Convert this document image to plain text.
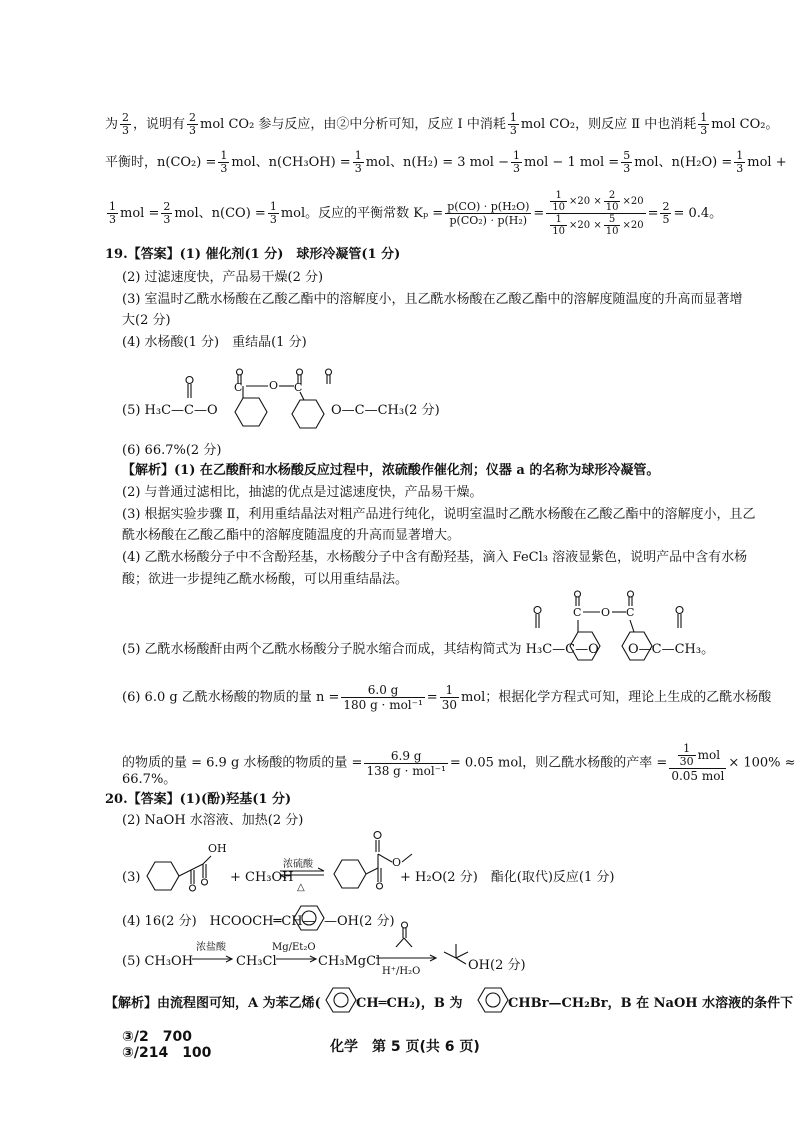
为 $\frac{2}{3}$ ，说明有 $\frac{2}{3}$ mol CO₂ 参与反应，由②中分析可知，反应 Ⅰ 中消耗 $\frac{1}{3}$ mol CO₂，则反应 Ⅱ 中也消耗 $\frac{1}{3}$ mol CO₂。
平衡时，$n(CO_2) = \frac{1}{3}$ mol、$n(CH_3OH) = \frac{1}{3}$ mol、n(H₂) = 3 mol − $\frac{1}{3}$ mol − 1 mol = $\frac{5}{3}$ mol、$n(H_2O) = \frac{1}{3}$ mol +
$\frac{1}{3}$ mol = $\frac{2}{3}$ mol、$n(CO) = \frac{1}{3}$ mol。反应的平衡常数 $K_p = \frac{\text{p(CO) · p(H₂O)}}{\text{p(CO₂) · p(H₂)}} = \frac{\frac{1}{10} \times 20 \times \frac{2}{10} \times 20}{\frac{1}{10} \times 20 \times \frac{5}{10} \times 20} = \frac{2}{5} = 0.4$。
19.【答案】(1) 催化剂(1 分)　球形冷凝管(1 分)
(2) 过滤速度快，产品易干燥(2 分)
(3) 室温时乙酰水杨酸在乙酸乙酯中的溶解度小，且乙酰水杨酸在乙酸乙酯中的溶解度随温度的升高而显著增
大(2 分)
(4) 水杨酸(1 分)　重结晶(1 分)
(5) H₃C—C—O
C O C
O—C—CH₃(2 分)
(6) 66.7%(2 分)
【解析】(1) 在乙酸酐和水杨酸反应过程中，浓硫酸作催化剂；仪器 a 的名称为球形冷凝管。
(2) 与普通过滤相比，抽滤的优点是过滤速度快，产品易干燥。
(3) 根据实验步骤 Ⅱ，利用重结晶法对粗产品进行纯化，说明室温时乙酰水杨酸在乙酸乙酯中的溶解度小，且乙
酰水杨酸在乙酸乙酯中的溶解度随温度的升高而显著增大。
(4) 乙酰水杨酸分子中不含酚羟基，水杨酸分子中含有酚羟基，滴入 FeCl₃ 溶液显紫色，说明产品中含有水杨
酸；欲进一步提纯乙酰水杨酸，可以用重结晶法。
(5) 乙酰水杨酸酐由两个乙酰水杨酸分子脱水缩合而成，其结构简式为 H₃C—C—O
C O C
O—C—CH₃。
(6) 6.0 g 乙酰水杨酸的物质的量 $n = \frac{6.0 g}{\text{180 g · mol⁻¹}} = \frac{1}{30}$ mol；根据化学方程式可知，理论上生成的乙酰水杨酸
的物质的量 = 6.9 g 水杨酸的物质的量 = $\frac{6.9 g}{\text{138 g · mol⁻¹}} = 0.05$ mol，则乙酰水杨酸的产率 = $\frac{\frac{1}{30} mol}{\text{0.05 mol}} \times 100\%$ ≈
66.7%。
20.【答案】(1)(酚)羟基(1 分)
(2) NaOH 水溶液、加热(2 分)
(3)
OH
+ CH₃OH
浓硫酸
△
O
+ H₂O(2 分)　酯化(取代)反应(1 分)
(4) 16(2 分)　HCOOCH═CH— —OH(2 分)
(5) CH₃OH
浓盐酸
→ CH₃Cl
Mg/Et₂O
CH₃MgCl
H⁺/H₂O	OH(2 分)
【解析】由流程图可知，A 为苯乙烯(	CH═CH₂)，B 为	CHBr—CH₂Br，B 在 NaOH 水溶液的条件下
③/2　700
③/214　100	化学　第 5 页(共 6 页)
